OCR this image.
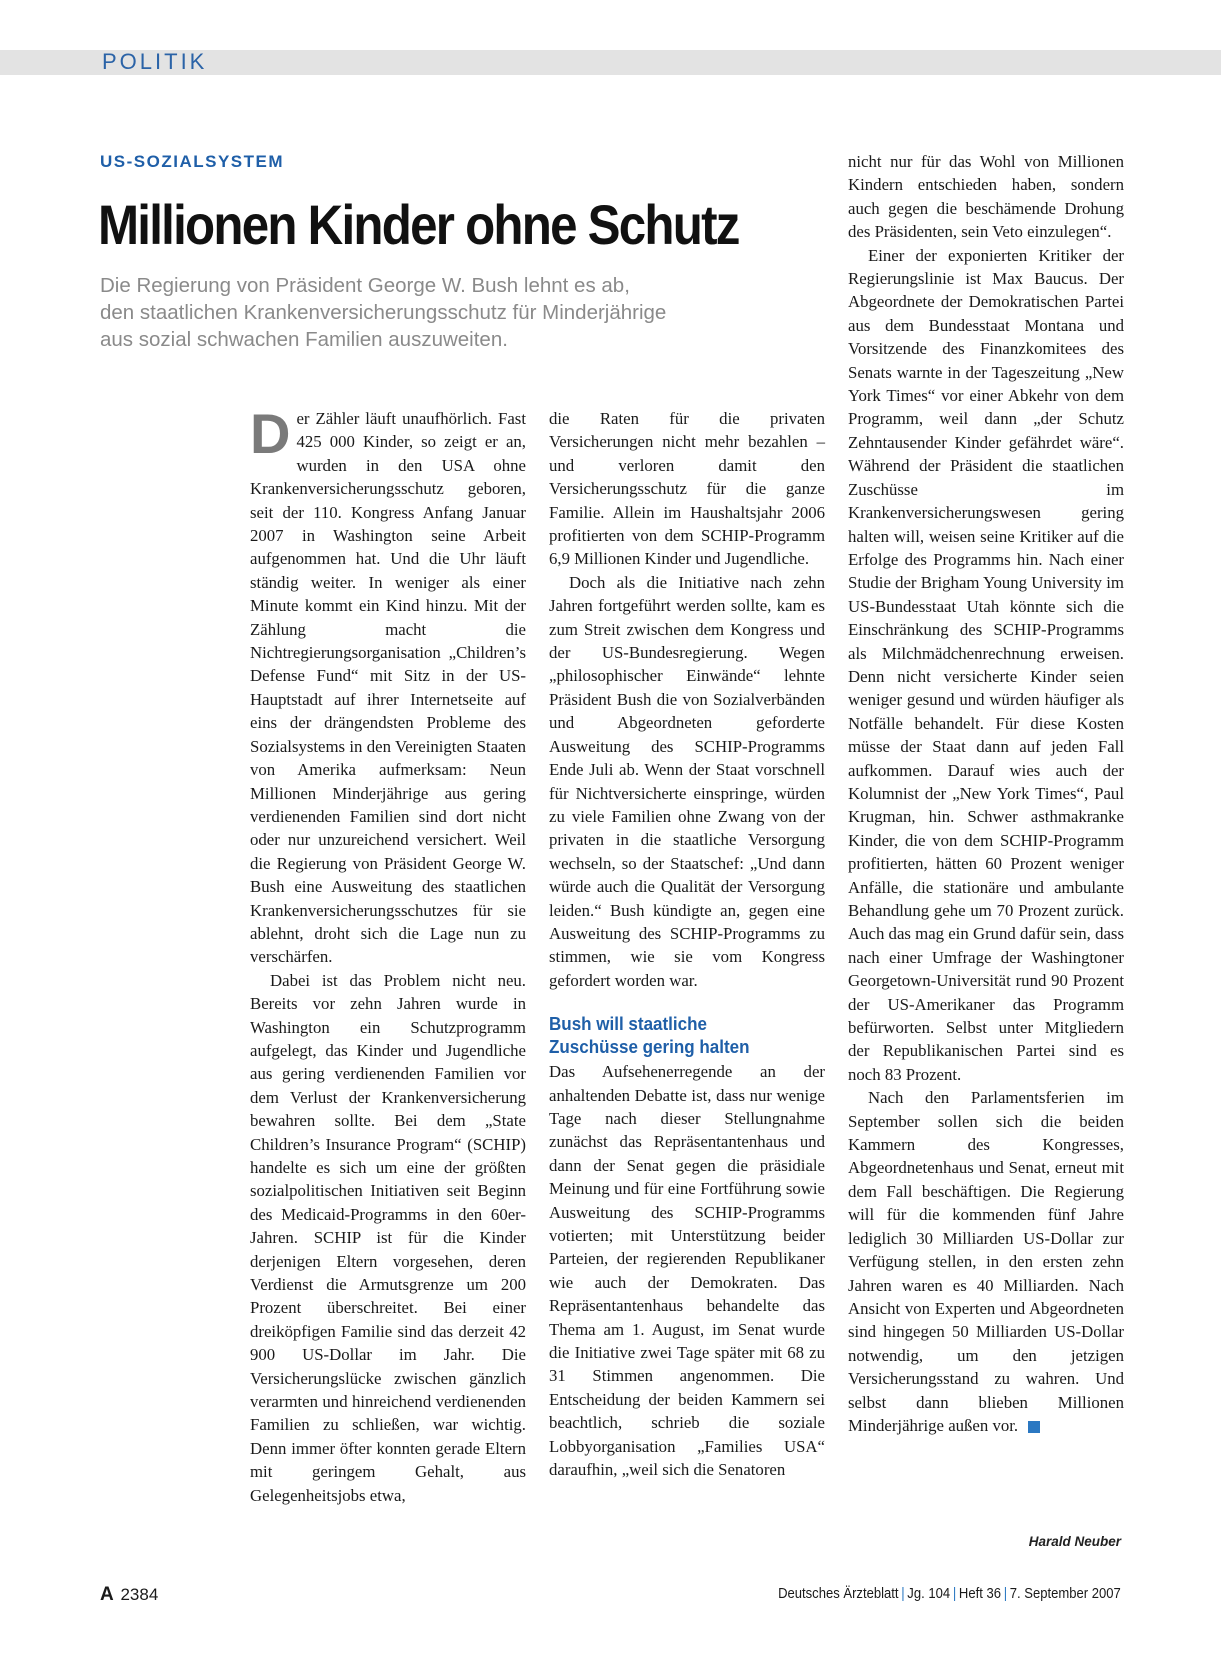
POLITIK
US-SOZIALSYSTEM
Millionen Kinder ohne Schutz
Die Regierung von Präsident George W. Bush lehnt es ab,
den staatlichen Krankenversicherungsschutz für Minderjährige
aus sozial schwachen Familien auszuweiten.

Der Zähler läuft unaufhörlich. Fast 425 000 Kinder, so zeigt er an, wurden in den USA ohne Krankenversicherungsschutz geboren, seit der 110. Kongress Anfang Januar 2007 in Washington seine Arbeit aufgenommen hat. Und die Uhr läuft ständig weiter. In weniger als einer Minute kommt ein Kind hinzu. Mit der Zählung macht die Nichtregierungsorganisation „Children’s Defense Fund“ mit Sitz in der US-Hauptstadt auf ihrer Internetseite auf eins der drängendsten Probleme des Sozialsystems in den Vereinigten Staaten von Amerika aufmerksam: Neun Millionen Minderjährige aus gering verdienenden Familien sind dort nicht oder nur unzureichend versichert. Weil die Regierung von Präsident George W. Bush eine Ausweitung des staatlichen Krankenversicherungsschutzes für sie ablehnt, droht sich die Lage nun zu verschärfen.

Dabei ist das Problem nicht neu. Bereits vor zehn Jahren wurde in Washington ein Schutzprogramm aufgelegt, das Kinder und Jugendliche aus gering verdienenden Familien vor dem Verlust der Krankenversicherung bewahren sollte. Bei dem „State Children’s Insurance Program“ (SCHIP) handelte es sich um eine der größten sozialpolitischen Initiativen seit Beginn des Medicaid-Programms in den 60er-Jahren. SCHIP ist für die Kinder derjenigen Eltern vorgesehen, deren Verdienst die Armutsgrenze um 200 Prozent überschreitet. Bei einer dreiköpfigen Familie sind das derzeit 42 900 US-Dollar im Jahr. Die Versicherungslücke zwischen gänzlich verarmten und hinreichend verdienenden Familien zu schließen, war wichtig. Denn immer öfter konnten gerade Eltern mit geringem Gehalt, aus Gelegenheitsjobs etwa,

die Raten für die privaten Versicherungen nicht mehr bezahlen – und verloren damit den Versicherungsschutz für die ganze Familie. Allein im Haushaltsjahr 2006 profitierten von dem SCHIP-Programm 6,9 Millionen Kinder und Jugendliche.

Doch als die Initiative nach zehn Jahren fortgeführt werden sollte, kam es zum Streit zwischen dem Kongress und der US-Bundesregierung. Wegen „philosophischer Einwände“ lehnte Präsident Bush die von Sozialverbänden und Abgeordneten geforderte Ausweitung des SCHIP-Programms Ende Juli ab. Wenn der Staat vorschnell für Nichtversicherte einspringe, würden zu viele Familien ohne Zwang von der privaten in die staatliche Versorgung wechseln, so der Staatschef: „Und dann würde auch die Qualität der Versorgung leiden.“ Bush kündigte an, gegen eine Ausweitung des SCHIP-Programms zu stimmen, wie sie vom Kongress gefordert worden war.

Bush will staatliche
Zuschüsse gering halten

Das Aufsehenerregende an der anhaltenden Debatte ist, dass nur wenige Tage nach dieser Stellungnahme zunächst das Repräsentantenhaus und dann der Senat gegen die präsidiale Meinung und für eine Fortführung sowie Ausweitung des SCHIP-Programms votierten; mit Unterstützung beider Parteien, der regierenden Republikaner wie auch der Demokraten. Das Repräsentantenhaus behandelte das Thema am 1. August, im Senat wurde die Initiative zwei Tage später mit 68 zu 31 Stimmen angenommen. Die Entscheidung der beiden Kammern sei beachtlich, schrieb die soziale Lobbyorganisation „Families USA“ daraufhin, „weil sich die Senatoren

nicht nur für das Wohl von Millionen Kindern entschieden haben, sondern auch gegen die beschämende Drohung des Präsidenten, sein Veto einzulegen“.

Einer der exponierten Kritiker der Regierungslinie ist Max Baucus. Der Abgeordnete der Demokratischen Partei aus dem Bundesstaat Montana und Vorsitzende des Finanzkomitees des Senats warnte in der Tageszeitung „New York Times“ vor einer Abkehr von dem Programm, weil dann „der Schutz Zehntausender Kinder gefährdet wäre“. Während der Präsident die staatlichen Zuschüsse im Krankenversicherungswesen gering halten will, weisen seine Kritiker auf die Erfolge des Programms hin. Nach einer Studie der Brigham Young University im US-Bundesstaat Utah könnte sich die Einschränkung des SCHIP-Programms als Milchmädchenrechnung erweisen. Denn nicht versicherte Kinder seien weniger gesund und würden häufiger als Notfälle behandelt. Für diese Kosten müsse der Staat dann auf jeden Fall aufkommen. Darauf wies auch der Kolumnist der „New York Times“, Paul Krugman, hin. Schwer asthmakranke Kinder, die von dem SCHIP-Programm profitierten, hätten 60 Prozent weniger Anfälle, die stationäre und ambulante Behandlung gehe um 70 Prozent zurück. Auch das mag ein Grund dafür sein, dass nach einer Umfrage der Washingtoner Georgetown-Universität rund 90 Prozent der US-Amerikaner das Programm befürworten. Selbst unter Mitgliedern der Republikanischen Partei sind es noch 83 Prozent.

Nach den Parlamentsferien im September sollen sich die beiden Kammern des Kongresses, Abgeordnetenhaus und Senat, erneut mit dem Fall beschäftigen. Die Regierung will für die kommenden fünf Jahre lediglich 30 Milliarden US-Dollar zur Verfügung stellen, in den ersten zehn Jahren waren es 40 Milliarden. Nach Ansicht von Experten und Abgeordneten sind hingegen 50 Milliarden US-Dollar notwendig, um den jetzigen Versicherungsstand zu wahren. Und selbst dann blieben Millionen Minderjährige außen vor.

Harald Neuber
A 2384	Deutsches Ärzteblatt | Jg. 104 | Heft 36 | 7. September 2007
